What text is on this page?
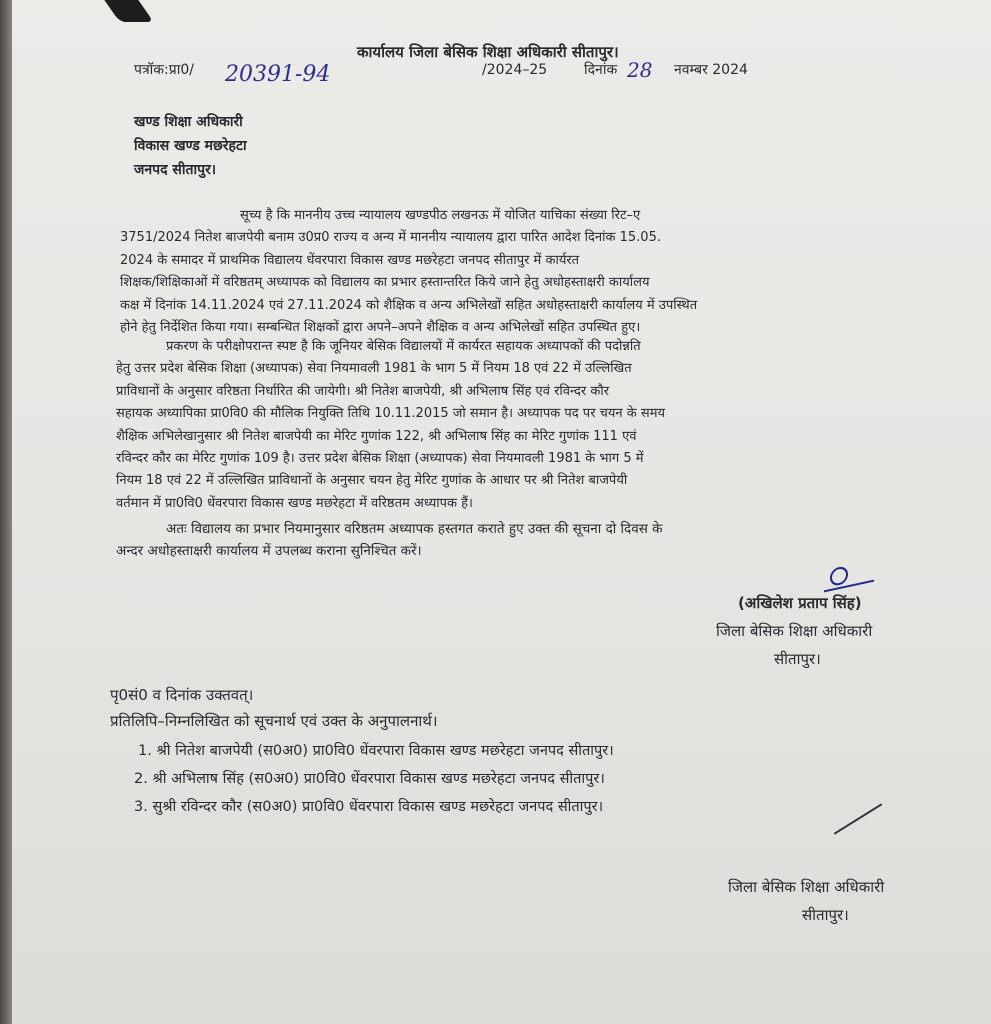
कार्यालय जिला बेसिक शिक्षा अधिकारी सीतापुर।
पत्रॉक:प्रा0/ 20391-94	/2024–25	दिनांक 28 नवम्बर 2024
खण्ड शिक्षा अधिकारी
विकास खण्ड मछरेहटा
जनपद सीतापुर।
सूच्य है कि माननीय उच्च न्यायालय खण्डपीठ लखनऊ में योजित याचिका संख्या रिट–ए
3751/2024 नितेश बाजपेयी बनाम उ0प्र0 राज्य व अन्य में माननीय न्यायालय द्वारा पारित आदेश दिनांक 15.05.
2024 के समादर में प्राथमिक विद्यालय धेंवरपारा विकास खण्ड मछरेहटा जनपद सीतापुर में कार्यरत
शिक्षक/शिक्षिकाओं में वरिष्ठतम् अध्यापक को विद्यालय का प्रभार हस्तान्तरित किये जाने हेतु अधोहस्ताक्षरी कार्यालय
कक्ष में दिनांक 14.11.2024 एवं 27.11.2024 को शैक्षिक व अन्य अभिलेखों सहित अधोहस्ताक्षरी कार्यालय में उपस्थित
होने हेतु निर्देशित किया गया। सम्बन्धित शिक्षकों द्वारा अपने–अपने शैक्षिक व अन्य अभिलेखों सहित उपस्थित हुए।
प्रकरण के परीक्षोपरान्त स्पष्ट है कि जूनियर बेसिक विद्यालयों में कार्यरत सहायक अध्यापकों की पदोन्नति
हेतु उत्तर प्रदेश बेसिक शिक्षा (अध्यापक) सेवा नियमावली 1981 के भाग 5 में नियम 18 एवं 22 में उल्लिखित
प्राविधानों के अनुसार वरिष्ठता निर्धारित की जायेगी। श्री नितेश बाजपेयी, श्री अभिलाष सिंह एवं रविन्दर कौर
सहायक अध्यापिका प्रा0वि0 की मौलिक नियुक्ति तिथि 10.11.2015 जो समान है। अध्यापक पद पर चयन के समय
शैक्षिक अभिलेखानुसार श्री नितेश बाजपेयी का मेरिट गुणांक 122, श्री अभिलाष सिंह का मेरिट गुणांक 111 एवं
रविन्दर कौर का मेरिट गुणांक 109 है। उत्तर प्रदेश बेसिक शिक्षा (अध्यापक) सेवा नियमावली 1981 के भाग 5 में
नियम 18 एवं 22 में उल्लिखित प्राविधानों के अनुसार चयन हेतु मेरिट गुणांक के आधार पर श्री नितेश बाजपेयी
वर्तमान में प्रा0वि0 धेंवरपारा विकास खण्ड मछरेहटा में वरिष्ठतम अध्यापक हैं।
अतः विद्यालय का प्रभार नियमानुसार वरिष्ठतम अध्यापक हस्तगत कराते हुए उक्त की सूचना दो दिवस के
अन्दर अधोहस्ताक्षरी कार्यालय में उपलब्ध कराना सुनिश्चित करें।
(अखिलेश प्रताप सिंह)
जिला बेसिक शिक्षा अधिकारी
सीतापुर।
पृ0सं0 व दिनांक उक्तवत्।
प्रतिलिपि–निम्नलिखित को सूचनार्थ एवं उक्त के अनुपालनार्थ।
1. श्री नितेश बाजपेयी (स0अ0) प्रा0वि0 धेंवरपारा विकास खण्ड मछरेहटा जनपद सीतापुर।
2. श्री अभिलाष सिंह (स0अ0) प्रा0वि0 धेंवरपारा विकास खण्ड मछरेहटा जनपद सीतापुर।
3. सुश्री रविन्दर कौर (स0अ0) प्रा0वि0 धेंवरपारा विकास खण्ड मछरेहटा जनपद सीतापुर।
जिला बेसिक शिक्षा अधिकारी
सीतापुर।
